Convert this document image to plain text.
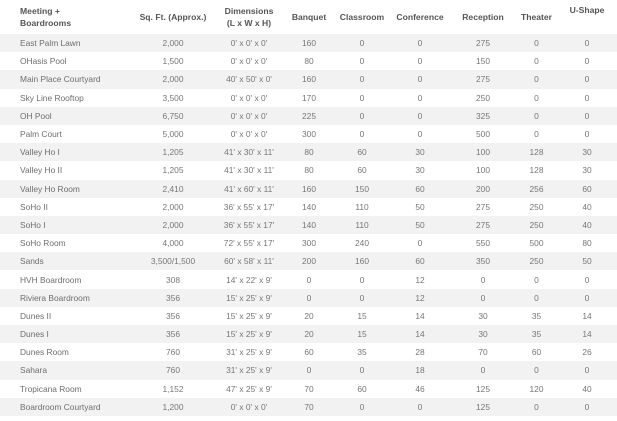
Meeting +
Boardrooms	Sq. Ft. (Approx.)	Dimensions
(L x W x H)	Banquet	Classroom	Conference	Reception	Theater	U-Shape
East Palm Lawn	2,000	0' x 0' x 0'	160	0	0	275	0	0
OHasis Pool	1,500	0' x 0' x 0'	80	0	0	150	0	0
Main Place Courtyard	2,000	40' x 50' x 0'	160	0	0	275	0	0
Sky Line Rooftop	3,500	0' x 0' x 0'	170	0	0	250	0	0
OH Pool	6,750	0' x 0' x 0'	225	0	0	325	0	0
Palm Court	5,000	0' x 0' x 0'	300	0	0	500	0	0
Valley Ho I	1,205	41' x 30' x 11'	80	60	30	100	128	30
Valley Ho II	1,205	41' x 30' x 11'	80	60	30	100	128	30
Valley Ho Room	2,410	41' x 60' x 11'	160	150	60	200	256	60
SoHo II	2,000	36' x 55' x 17'	140	110	50	275	250	40
SoHo I	2,000	36' x 55' x 17'	140	110	50	275	250	40
SoHo Room	4,000	72' x 55' x 17'	300	240	0	550	500	80
Sands	3,500/1,500	60' x 58' x 11'	200	160	60	350	250	50
HVH Boardroom	308	14' x 22' x 9'	0	0	12	0	0	0
Riviera Boardroom	356	15' x 25' x 9'	0	0	12	0	0	0
Dunes II	356	15' x 25' x 9'	20	15	14	30	35	14
Dunes I	356	15' x 25' x 9'	20	15	14	30	35	14
Dunes Room	760	31' x 25' x 9'	60	35	28	70	60	26
Sahara	760	31' x 25' x 9'	0	0	18	0	0	0
Tropicana Room	1,152	47' x 25' x 9'	70	60	46	125	120	40
Boardroom Courtyard	1,200	0' x 0' x 0'	70	0	0	125	0	0
